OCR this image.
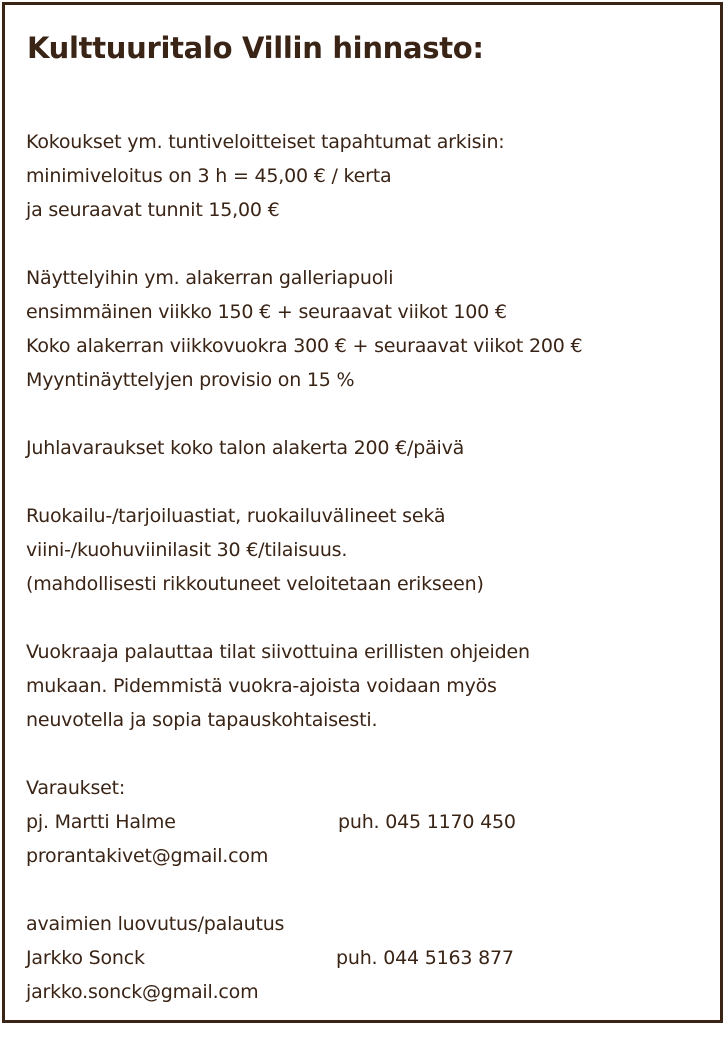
Kulttuuritalo Villin hinnasto:
Kokoukset ym. tuntiveloitteiset tapahtumat arkisin:
minimiveloitus on 3 h = 45,00 € / kerta
ja seuraavat tunnit 15,00 €
Näyttelyihin ym. alakerran galleriapuoli
ensimmäinen viikko 150 € + seuraavat viikot 100 €
Koko alakerran viikkovuokra 300 € + seuraavat viikot 200 €
Myyntinäyttelyjen provisio on 15 %
Juhlavaraukset koko talon alakerta 200 €/päivä
Ruokailu-/tarjoiluastiat, ruokailuvälineet sekä
viini-/kuohuviinilasit 30 €/tilaisuus.
(mahdollisesti rikkoutuneet veloitetaan erikseen)
Vuokraaja palauttaa tilat siivottuina erillisten ohjeiden
mukaan. Pidemmistä vuokra-ajoista voidaan myös
neuvotella ja sopia tapauskohtaisesti.
Varaukset:
pj. Martti Halme	puh. 045 1170 450
prorantakivet@gmail.com
avaimien luovutus/palautus
Jarkko Sonck	puh. 044 5163 877
jarkko.sonck@gmail.com
